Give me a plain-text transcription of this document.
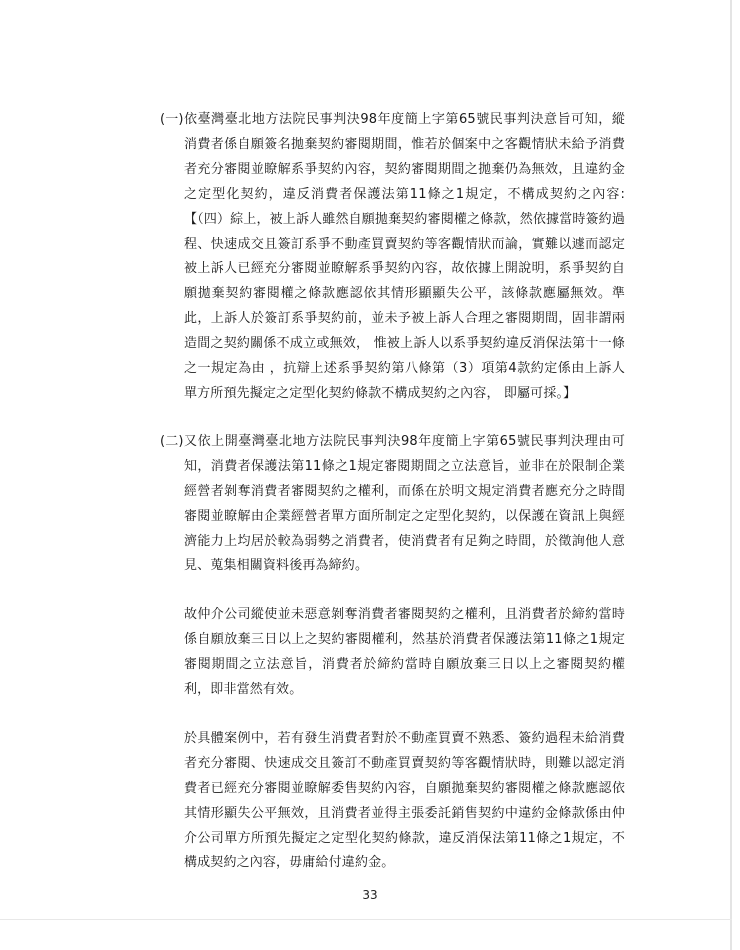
(一) 依臺灣臺北地方法院民事判決98年度簡上字第65號民事判決意旨可知，縱消費者係自願簽名拋棄契約審閱期間，惟若於個案中之客觀情狀未給予消費者充分審閱並瞭解系爭契約內容，契約審閱期間之拋棄仍為無效，且違約金之定型化契約，違反消費者保護法第11條之1規定，不構成契約之內容:【（四）綜上，被上訴人雖然自願拋棄契約審閱權之條款，然依據當時簽約過程、快速成交且簽訂系爭不動產買賣契約等客觀情狀而論，實難以遽而認定被上訴人已經充分審閱並瞭解系爭契約內容，故依據上開說明，系爭契約自願拋棄契約審閱權之條款應認依其情形顯顯失公平，該條款應屬無效。準此，上訴人於簽訂系爭契約前，並未予被上訴人合理之審閱期間，固非謂兩造間之契約關係不成立或無效， 惟被上訴人以系爭契約違反消保法第十一條之一規定為由 ，抗辯上述系爭契約第八條第（3）項第4款約定係由上訴人單方所預先擬定之定型化契約條款不構成契約之內容， 即屬可採。】

(二) 又依上開臺灣臺北地方法院民事判決98年度簡上字第65號民事判決理由可知，消費者保護法第11條之1規定審閱期間之立法意旨，並非在於限制企業經營者剝奪消費者審閱契約之權利，而係在於明文規定消費者應充分之時間審閱並瞭解由企業經營者單方面所制定之定型化契約，以保護在資訊上與經濟能力上均居於較為弱勢之消費者，使消費者有足夠之時間，於徵詢他人意見、蒐集相關資料後再為締約。

故仲介公司縱使並未惡意剝奪消費者審閱契約之權利，且消費者於締約當時係自願放棄三日以上之契約審閱權利，然基於消費者保護法第11條之1規定審閱期間之立法意旨，消費者於締約當時自願放棄三日以上之審閱契約權利，即非當然有效。

於具體案例中，若有發生消費者對於不動產買賣不熟悉、簽約過程未給消費者充分審閱、快速成交且簽訂不動產買賣契約等客觀情狀時，則難以認定消費者已經充分審閱並瞭解委售契約內容，自願拋棄契約審閱權之條款應認依其情形顯失公平無效，且消費者並得主張委託銷售契約中違約金條款係由仲介公司單方所預先擬定之定型化契約條款，違反消保法第11條之1規定，不構成契約之內容，毋庸給付違約金。

33
